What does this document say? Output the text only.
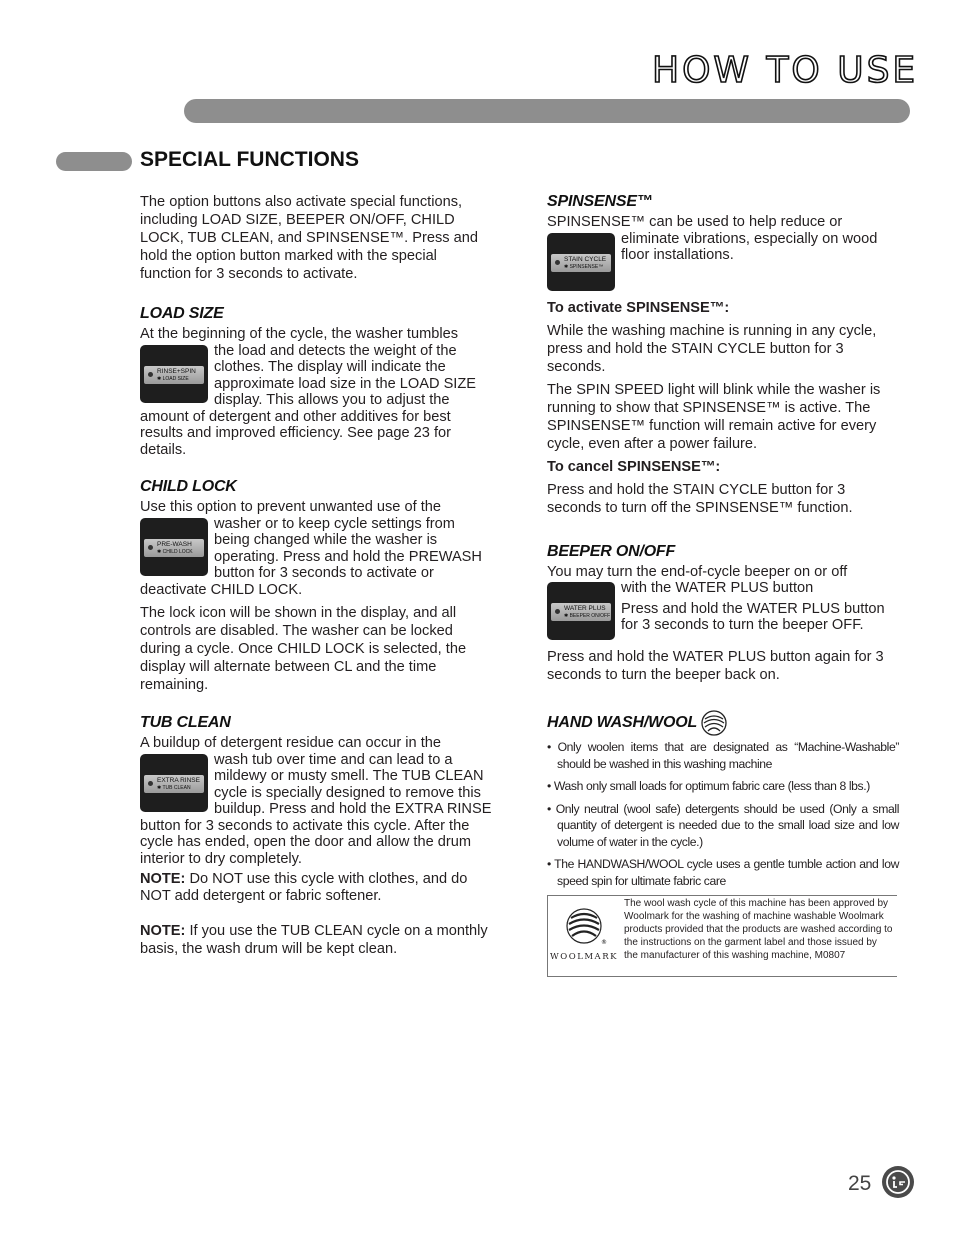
HOW TO USE
SPECIAL FUNCTIONS

The option buttons also activate special functions, including LOAD SIZE, BEEPER ON/OFF, CHILD LOCK, TUB CLEAN, and SPINSENSE™. Press and hold the option button marked with the special function for 3 seconds to activate.

LOAD SIZE
At the beginning of the cycle, the washer tumbles
RINSE+SPIN
✱ LOAD SIZE
the load and detects the weight of the clothes. The display will indicate the approximate load size in the LOAD SIZE display. This allows you to adjust the amount of detergent and other additives for best results and improved efficiency. See page 23 for details.
CHILD LOCK
Use this option to prevent unwanted use of the
PRE-WASH
✱ CHILD LOCK
washer or to keep cycle settings from being changed while the washer is operating. Press and hold the PREWASH button for 3 seconds to activate or deactivate CHILD LOCK.

The lock icon will be shown in the display, and all controls are disabled. The washer can be locked during a cycle. Once CHILD LOCK is selected, the display will alternate between CL and the time remaining.

TUB CLEAN
A buildup of detergent residue can occur in the
EXTRA RINSE
✱ TUB CLEAN
wash tub over time and can lead to a mildewy or musty smell. The TUB CLEAN cycle is specially designed to remove this buildup. Press and hold the EXTRA RINSE button for 3 seconds to activate this cycle. After the cycle has ended, open the door and allow the drum interior to dry completely.

NOTE: Do NOT use this cycle with clothes, and do NOT add detergent or fabric softener.

NOTE: If you use the TUB CLEAN cycle on a monthly basis, the wash drum will be kept clean.

SPINSENSE™
SPINSENSE™ can be used to help reduce or
STAIN CYCLE
✱ SPINSENSE™
eliminate vibrations, especially on wood floor installations.

To activate SPINSENSE™:

While the washing machine is running in any cycle, press and hold the STAIN CYCLE button for 3 seconds.

The SPIN SPEED light will blink while the washer is running to show that SPINSENSE™ is active. The SPINSENSE™ function will remain active for every cycle, even after a power failure.

To cancel SPINSENSE™:

Press and hold the STAIN CYCLE button for 3 seconds to turn off the SPINSENSE™ function.

BEEPER ON/OFF
You may turn the end-of-cycle beeper on or off
WATER PLUS
✱ BEEPER ON/OFF
with the WATER PLUS button
Press and hold the WATER PLUS button for 3 seconds to turn the beeper OFF.

Press and hold the WATER PLUS button again for 3 seconds to turn the beeper back on.

HAND WASH/WOOL
• Only woolen items that are designated as “Machine-Washable” should be washed in this washing machine
• Wash only small loads for optimum fabric care (less than 8 lbs.)
• Only neutral (wool safe) detergents should be used (Only a small quantity of detergent is needed due to the small load size and low volume of water in the cycle.)
• The HANDWASH/WOOL cycle uses a gentle tumble action and low speed spin for ultimate fabric care
®
WOOLMARK
The wool wash cycle of this machine has been approved by Woolmark for the washing of machine washable Woolmark products provided that the products are washed according to the instructions on the garment label and those issued by the manufacturer of this washing machine, M0807
25
